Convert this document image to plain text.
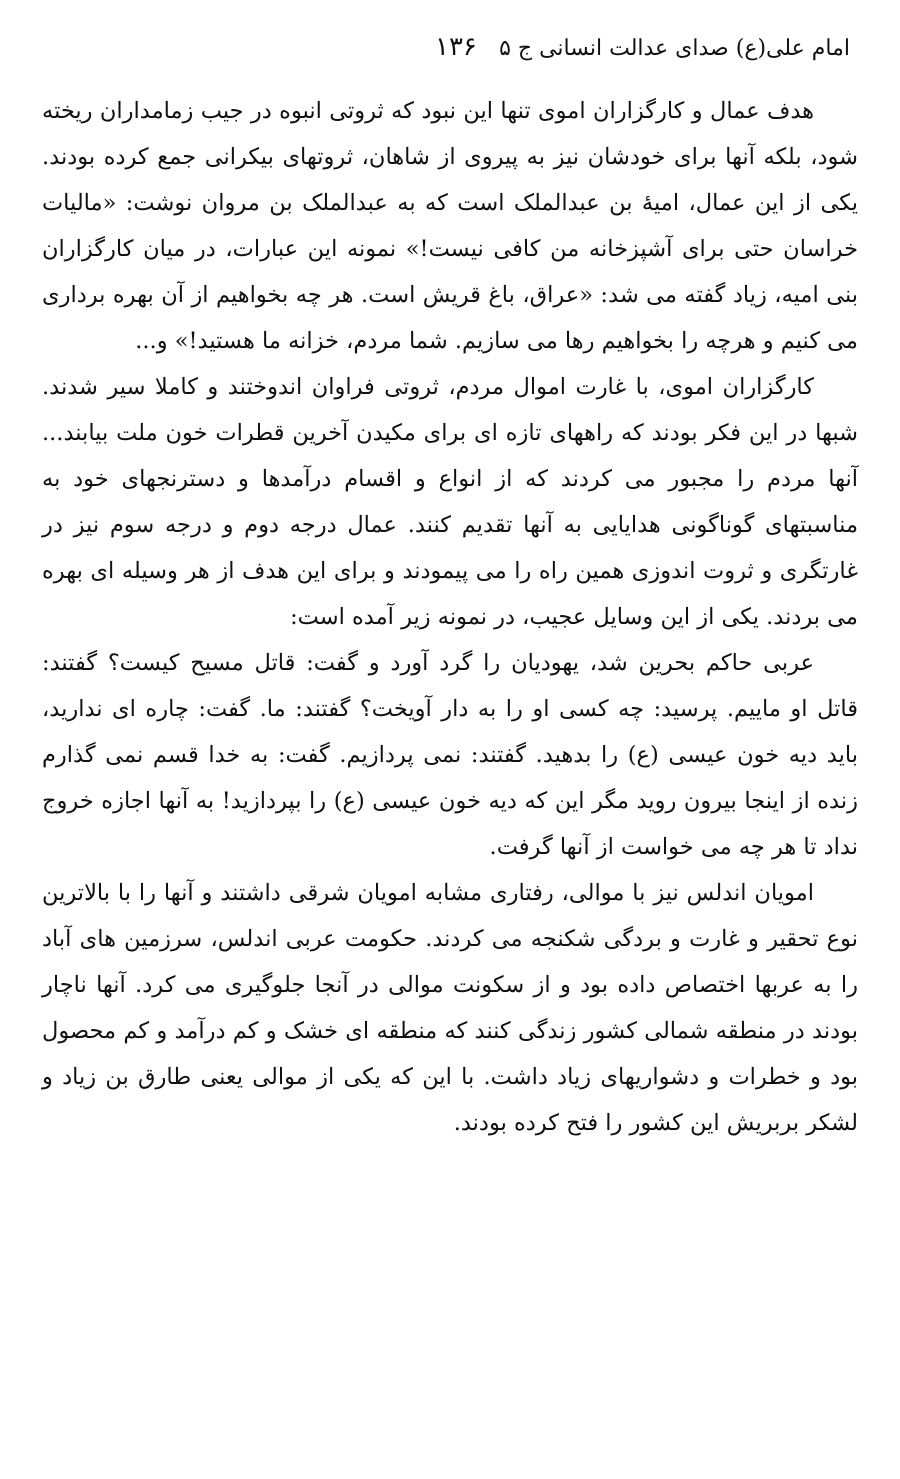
امام علی(ع) صدای عدالت انسانی ج ۵
۱۳۶

هدف عمال و کارگزاران اموی تنها این نبود که ثروتی انبوه در جیب زمامداران ریخته شود، بلکه آنها برای خودشان نیز به پیروی از شاهان، ثروتهای بیکرانی جمع کرده بودند. یکی از این عمال، امیهٔ بن عبدالملک است که به عبدالملک بن مروان نوشت: «مالیات خراسان حتی برای آشپزخانه من کافی نیست!» نمونه این عبارات، در میان کارگزاران بنی امیه، زیاد گفته می شد: «عراق، باغ قریش است. هر چه بخواهیم از آن بهره برداری می کنیم و هرچه را بخواهیم رها می سازیم. شما مردم، خزانه ما هستید!» و...

کارگزاران اموی، با غارت اموال مردم، ثروتی فراوان اندوختند و کاملا سیر شدند. شبها در این فکر بودند که راههای تازه ای برای مکیدن آخرین قطرات خون ملت بیابند... آنها مردم را مجبور می کردند که از انواع و اقسام درآمدها و دسترنجهای خود به مناسبتهای گوناگونی هدایایی به آنها تقدیم کنند. عمال درجه دوم و درجه سوم نیز در غارتگری و ثروت اندوزی همین راه را می پیمودند و برای این هدف از هر وسیله ای بهره می بردند. یکی از این وسایل عجیب، در نمونه زیر آمده است:

عربی حاکم بحرین شد، یهودیان را گرد آورد و گفت: قاتل مسیح کیست؟ گفتند: قاتل او ماییم. پرسید: چه کسی او را به دار آویخت؟ گفتند: ما. گفت: چاره ای ندارید، باید دیه خون عیسی (ع) را بدهید. گفتند: نمی پردازیم. گفت: به خدا قسم نمی گذارم زنده از اینجا بیرون روید مگر این که دیه خون عیسی (ع) را بپردازید! به آنها اجازه خروج نداد تا هر چه می خواست از آنها گرفت.

امویان اندلس نیز با موالی، رفتاری مشابه امویان شرقی داشتند و آنها را با بالاترین نوع تحقیر و غارت و بردگی شکنجه می کردند. حکومت عربی اندلس، سرزمین های آباد را به عربها اختصاص داده بود و از سکونت موالی در آنجا جلوگیری می کرد. آنها ناچار بودند در منطقه شمالی کشور زندگی کنند که منطقه ای خشک و کم درآمد و کم محصول بود و خطرات و دشواریهای زیاد داشت. با این که یکی از موالی یعنی طارق بن زیاد و لشکر بربریش این کشور را فتح کرده بودند.
